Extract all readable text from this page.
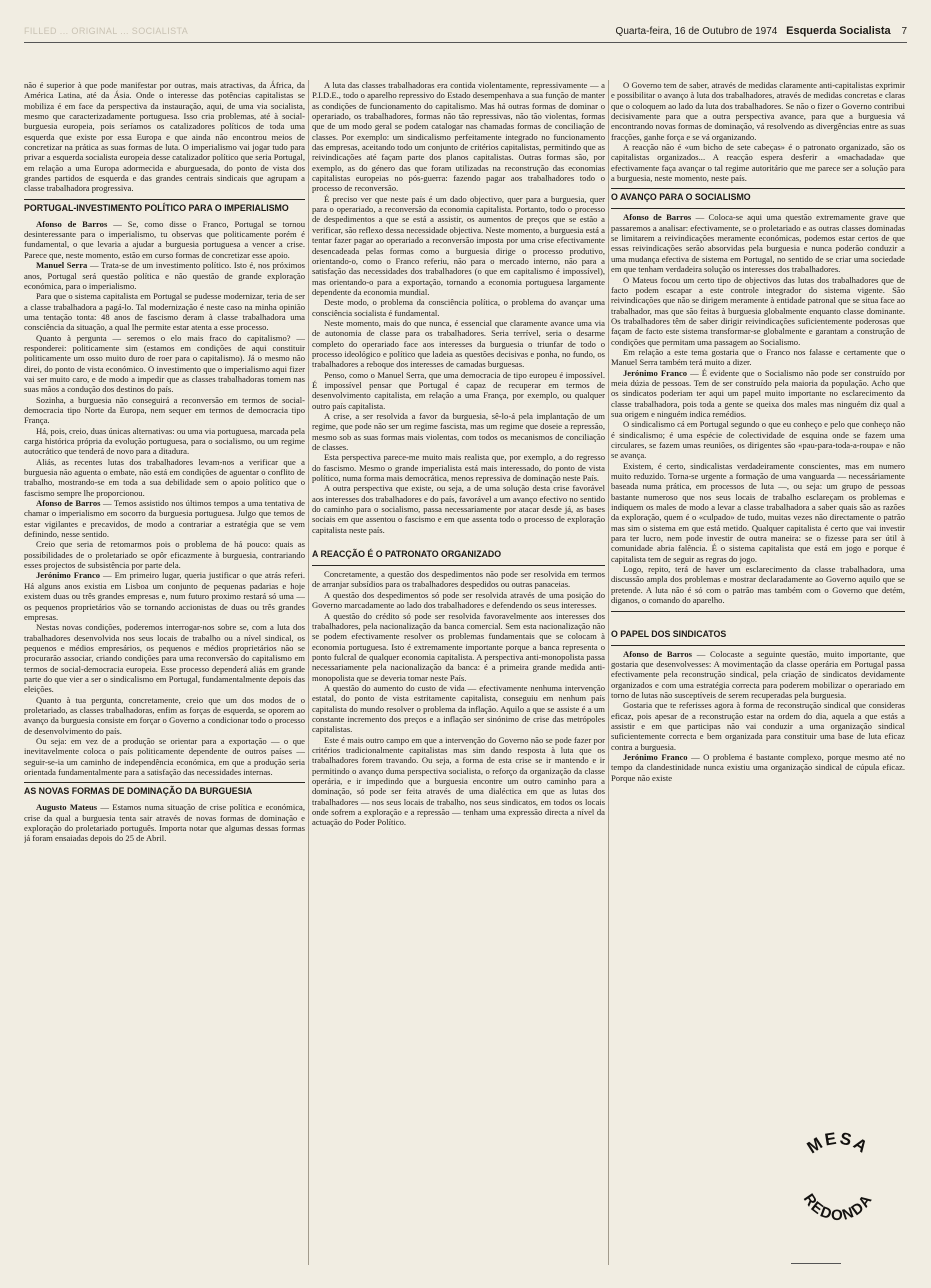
FILLED ... ORIGINAL ... SOCIALISTA	Quarta-feira, 16 de Outubro de 1974 Esquerda Socialista 7

não é superior à que pode manifestar por outras, mais atractivas, da África, da América Latina, até da Ásia. Onde o interesse das potências capitalistas se mobiliza é em face da perspectiva da instauração, aqui, de uma via socialista, mesmo que caracterizadamente portuguesa. Isso cria problemas, até à social-burguesia europeia, pois seríamos os catalizadores políticos de toda uma esquerda que existe por essa Europa e que ainda não encontrou meios de concretizar na prática as suas formas de luta. O imperialismo vai jogar tudo para privar a esquerda socialista europeia desse catalizador político que seria Portugal, em relação a uma Europa adormecida e aburguesada, do ponto de vista dos grandes partidos de esquerda e das grandes centrais sindicais que agrupam a classe trabalhadora progressiva.

PORTUGAL-INVESTIMENTO POLÍTICO PARA O IMPERIALISMO

Afonso de Barros — Se, como disse o Franco, Portugal se tornou desinteressante para o imperialismo, tu observas que politicamente porém é fundamental, o que levaria a ajudar a burguesia portuguesa a vencer a crise. Parece que, neste momento, estão em curso formas de concretizar esse apoio.

Manuel Serra — Trata-se de um investimento político. Isto é, nos próximos anos, Portugal será questão política e não questão de grande exploração económica, para o imperialismo.

Para que o sistema capitalista em Portugal se pudesse modernizar, teria de ser a classe trabalhadora a pagá-lo. Tal modernização é neste caso na minha opinião uma tentação tonta: 48 anos de fascismo deram à classe trabalhadora uma consciência da situação, a qual lhe permite estar atenta a esse processo.

Quanto à pergunta — seremos o elo mais fraco do capitalismo? — responderei: politicamente sim (estamos em condições de aqui constituir politicamente um osso muito duro de roer para o capitalismo). Já o mesmo não direi, do ponto de vista económico. O investimento que o imperialismo aqui fizer vai ser muito caro, e de modo a impedir que as classes trabalhadoras tomem nas suas mãos a condução dos destinos do país.

Sozinha, a burguesia não conseguirá a reconversão em termos de social-democracia tipo Norte da Europa, nem sequer em termos de democracia tipo França.

Há, pois, creio, duas únicas alternativas: ou uma via portuguesa, marcada pela carga histórica própria da evolução portuguesa, para o socialismo, ou um regime autocrático que tenderá de novo para a ditadura.

Aliás, as recentes lutas dos trabalhadores levam-nos a verificar que a burguesia não aguenta o embate, não está em condições de aguentar o conflito de trabalho, mostrando-se em toda a sua debilidade sem o apoio político que o fascismo sempre lhe proporcionou.

Afonso de Barros — Temos assistido nos últimos tempos a uma tentativa de chamar o imperialismo em socorro da burguesia portuguesa. Julgo que temos de estar vigilantes e precavidos, de modo a contrariar a estratégia que se vem definindo, nesse sentido.

Creio que seria de retomarmos pois o problema de há pouco: quais as possibilidades de o proletariado se opôr eficazmente à burguesia, contrariando esses projectos de subsistência por parte dela.

Jerónimo Franco — Em primeiro lugar, queria justificar o que atrás referi. Há alguns anos existia em Lisboa um conjunto de pequenas padarias e hoje existem duas ou três grandes empresas e, num futuro proximo restará só uma — os pequenos proprietários vão se tornando accionistas de duas ou três grandes empresas.

Nestas novas condições, poderemos interrogar-nos sobre se, com a luta dos trabalhadores desenvolvida nos seus locais de trabalho ou a nível sindical, os pequenos e médios empresários, os pequenos e médios proprietários não se procurarão associar, criando condições para uma reconversão do capitalismo em termos de social-democracia europeia. Esse processo dependerá aliás em grande parte do que vier a ser o sindicalismo em Portugal, fundamentalmente depois das eleições.

Quanto à tua pergunta, concretamente, creio que um dos modos de o proletariado, as classes trabalhadoras, enfim as forças de esquerda, se oporem ao avanço da burguesia consiste em forçar o Governo a condicionar todo o processo de desenvolvimento do país.

Ou seja: em vez de a produção se orientar para a exportação — o que inevitavelmente coloca o país politicamente dependente de outros países — seguir-se-ia um caminho de independência económica, em que a produção seria orientada fundamentalmente para a satisfação das necessidades internas.

AS NOVAS FORMAS DE DOMINAÇÃO DA BURGUESIA

Augusto Mateus — Estamos numa situação de crise política e económica, crise da qual a burguesia tenta sair através de novas formas de dominação e exploração do proletariado português. Importa notar que algumas dessas formas já foram ensaiadas depois do 25 de Abril.

A luta das classes trabalhadoras era contida violentamente, repressivamente — a P.I.D.E., todo o aparelho repressivo do Estado desempenhava a sua função de manter as condições de funcionamento do capitalismo. Mas há outras formas de dominar o operariado, os trabalhadores, formas não tão repressivas, não tão violentas, formas que de um modo geral se podem catalogar nas chamadas formas de conciliação de classes. Por exemplo: um sindicalismo perfeitamente integrado no funcionamento das empresas, aceitando todo um conjunto de critérios capitalistas, permitindo que as reivindicações até façam parte dos planos capitalistas. Outras formas são, por exemplo, as do género das que foram utilizadas na reconstrução das economias capitalistas europeias no pós-guerra: fazendo pagar aos trabalhadores todo o processo de reconversão.

É preciso ver que neste país é um dado objectivo, quer para a burguesia, quer para o operariado, a reconversão da economia capitalista. Portanto, todo o processo de despedimentos a que se está a assistir, os aumentos de preços que se estão a verificar, são reflexo dessa necessidade objectiva. Neste momento, a burguesia está a tentar fazer pagar ao operariado a reconversão imposta por uma crise efectivamente desencadeada pelas formas como a burguesia dirige o processo produtivo, orientando-o, como o Franco referiu, não para o mercado interno, não para a satisfação das necessidades dos trabalhadores (o que em capitalismo é impossível), mas orientando-o para a exportação, tornando a economia portuguesa largamente dependente da economia mundial.

Deste modo, o problema da consciência política, o problema do avançar uma consciência socialista é fundamental.

Neste momento, mais do que nunca, é essencial que claramente avance uma via de autonomia de classe para os trabalhadores. Seria terrível, seria o desarme completo do operariado face aos interesses da burguesia o triunfar de todo o processo ideológico e político que ladeia as questões decisivas e ponha, no fundo, os trabalhadores a reboque dos interesses de camadas burguesas.

Penso, como o Manuel Serra, que uma democracia de tipo europeu é impossível. É impossível pensar que Portugal é capaz de recuperar em termos de desenvolvimento capitalista, em relação a uma França, por exemplo, ou qualquer outro país capitalista.

A crise, a ser resolvida a favor da burguesia, sê-lo-á pela implantação de um regime, que pode não ser um regime fascista, mas um regime que doseie a repressão, mesmo sob as suas formas mais violentas, com todos os mecanismos de conciliação de classes.

Esta perspectiva parece-me muito mais realista que, por exemplo, a do regresso do fascismo. Mesmo o grande imperialista está mais interessado, do ponto de vista político, numa forma mais democrática, menos repressiva de dominação neste País.

A outra perspectiva que existe, ou seja, a de uma solução desta crise favorável aos interesses dos trabalhadores e do país, favorável a um avanço efectivo no sentido do caminho para o socialismo, passa necessariamente por atacar desde já, as bases sociais em que assentou o fascismo e em que assenta todo o processo de exploração capitalista neste país.

A REACÇÃO É O PATRONATO ORGANIZADO

Concretamente, a questão dos despedimentos não pode ser resolvida em termos de arranjar subsídios para os trabalhadores despedidos ou outras panaceias.

A questão dos despedimentos só pode ser resolvida através de uma posição do Governo marcadamente ao lado dos trabalhadores e defendendo os seus interesses.

A questão do crédito só pode ser resolvida favoravelmente aos interesses dos trabalhadores, pela nacionalização da banca comercial. Sem esta nacionalização não se podem efectivamente resolver os problemas fundamentais que se colocam à economia portuguesa. Isto é extremamente importante porque a banca representa o ponto fulcral de qualquer economia capitalista. A perspectiva anti-monopolista passa necessariamente pela nacionalização da banca: é a primeira grande medida anti-monopolista que se deveria tomar neste País.

A questão do aumento do custo de vida — efectivamente nenhuma intervenção estatal, do ponto de vista estritamente capitalista, conseguiu em nenhum país capitalista do mundo resolver o problema da inflação. Aquilo a que se assiste é a um constante incremento dos preços e a inflação ser sinónimo de crise das metrópoles capitalistas.

Este é mais outro campo em que a intervenção do Governo não se pode fazer por critérios tradicionalmente capitalistas mas sim dando resposta à luta que os trabalhadores forem travando. Ou seja, a forma de esta crise se ir mantendo e ir permitindo o avanço duma perspectiva socialista, o reforço da organização da classe operária, e ir impedindo que a burguesia encontre um outro caminho para a dominação, só pode ser feita através de uma dialéctica em que as lutas dos trabalhadores — nos seus locais de trabalho, nos seus sindicatos, em todos os locais onde sofrem a exploração e a repressão — tenham uma expressão directa a nível da actuação do Poder Político.

O Governo tem de saber, através de medidas claramente anti-capitalistas exprimir e possibilitar o avanço à luta dos trabalhadores, através de medidas concretas e claras que o coloquem ao lado da luta dos trabalhadores. Se não o fizer o Governo contribui decisivamente para que a outra perspectiva avance, para que a burguesia vá encontrando novas formas de dominação, vá resolvendo as divergências entre as suas fracções, ganhe força e se vá organizando.

A reacção não é «um bicho de sete cabeças» é o patronato organizado, são os capitalistas organizados... A reacção espera desferir a «machadada» que efectivamente faça avançar o tal regime autoritário que me parece ser a solução para a burguesia, neste momento, neste país.

O AVANÇO PARA O SOCIALISMO

Afonso de Barros — Coloca-se aqui uma questão extremamente grave que passaremos a analisar: efectivamente, se o proletariado e as outras classes dominadas se limitarem a reivindicações meramente económicas, podemos estar certos de que essas reivindicações serão absorvidas pela burguesia e nunca poderão conduzir a uma mudança efectiva de sistema em Portugal, no sentido de se criar uma sociedade em que tenham verdadeira solução os interesses dos trabalhadores.

O Mateus focou um certo tipo de objectivos das lutas dos trabalhadores que de facto podem escapar a este controle integrador do sistema vigente. São reivindicações que não se dirigem meramente à entidade patronal que se situa face ao trabalhador, mas que são feitas à burguesia globalmente enquanto classe dominante. Os trabalhadores têm de saber dirigir reivindicações suficientemente poderosas que façam de facto este sistema transformar-se globalmente e garantam a construção de condições que permitam uma passagem ao Socialismo.

Em relação a este tema gostaria que o Franco nos falasse e certamente que o Manuel Serra também terá muito a dizer.

Jerónimo Franco — É evidente que o Socialismo não pode ser construído por meia dúzia de pessoas. Tem de ser construído pela maioria da população. Acho que os sindicatos poderiam ter aqui um papel muito importante no esclarecimento da classe trabalhadora, pois toda a gente se queixa dos males mas ninguém diz qual a sua origem e ninguém indica remédios.

O sindicalismo cá em Portugal segundo o que eu conheço e pelo que conheço não é sindicalismo; é uma espécie de colectividade de esquina onde se fazem uma circulares, se fazem umas reuniões, os dirigentes são «pau-para-toda-a-roupa» e não se avança.

Existem, é certo, sindicalistas verdadeiramente conscientes, mas em numero muito reduzido. Torna-se urgente a formação de uma vanguarda — necessáriamente baseada numa prática, em processos de luta —, ou seja: um grupo de pessoas bastante numeroso que nos seus locais de trabalho esclareçam os problemas e indiquem os males de modo a levar a classe trabalhadora a saber quais são as razões da exploração, quem é o «culpado» de tudo, muitas vezes não directamente o patrão mas sim o sistema em que está metido. Qualquer capitalista é certo que vai investir para ter lucro, nem pode investir de outra maneira: se o fizesse para ser útil à comunidade abria falência. É o sistema capitalista que está em jogo e porque é capitalista tem de seguir as regras do jogo.

Logo, repito, terá de haver um esclarecimento da classe trabalhadora, uma discussão ampla dos problemas e mostrar declaradamente ao Governo aquilo que se pretende. A luta não é só com o patrão mas também com o Governo que detém, diganos, o comando do aparelho.

O PAPEL DOS SINDICATOS

Afonso de Barros — Colocaste a seguinte questão, muito importante, que gostaria que desenvolvesses: A movimentação da classe operária em Portugal passa efectivamente pela reconstrução sindical, pela criação de sindicatos devidamente organizados e com uma estratégia correcta para poderem mobilizar o operariado em torno de lutas não susceptíveis de serem recuperadas pela burguesia.

Gostaria que te referisses agora à forma de reconstrução sindical que consideras eficaz, pois apesar de a reconstrução estar na ordem do dia, aquela a que estás a assistir e em que participas não vai conduzir a uma organização sindical suficientemente correcta e bem organizada para constituir uma base de luta eficaz contra a burguesia.

Jerónimo Franco — O problema é bastante complexo, porque mesmo até no tempo da clandestinidade nunca existiu uma organização sindical de cúpula eficaz. Porque não existe

MESA
REDONDA
